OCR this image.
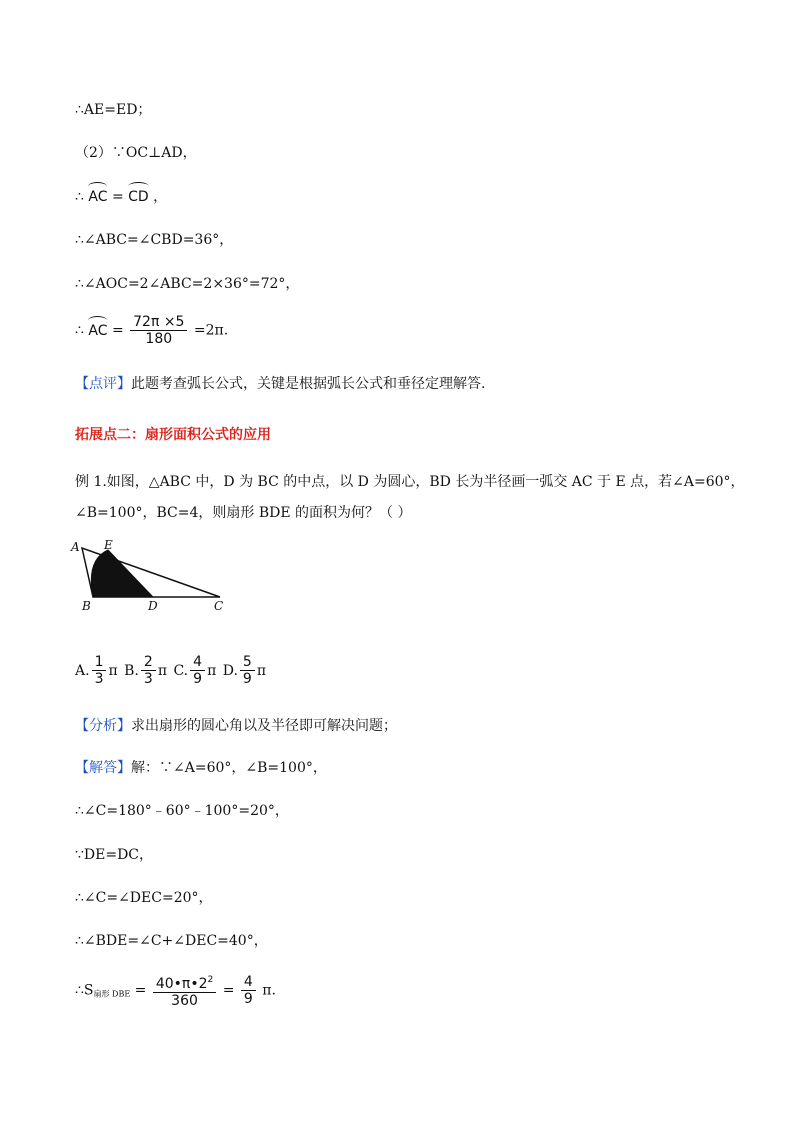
∴AE=ED；
（2）∵OC⊥AD，
∴ AC = CD ，
∴∠ABC=∠CBD=36°，
∴∠AOC=2∠ABC=2×36°=72°，
∴ AC = $\frac{72\pi \times 5}{180} =2\pi$.
【点评】此题考查弧长公式，关键是根据弧长公式和垂径定理解答.
拓展点二：扇形面积公式的应用
例 1.如图，△ABC 中，D 为 BC 的中点，以 D 为圆心，BD 长为半径画一弧交 AC 于 E 点，若∠A=60°，
∠B=100°，BC=4，则扇形 BDE 的面积为何？（ ）
A E
B	D	C
A. $\frac{1}{3}$ π
B. $\frac{2}{3}$ π
C. $\frac{4}{9}$ π
D. $\frac{5}{9}$ π
【分析】求出扇形的圆心角以及半径即可解决问题；
【解答】解：∵∠A=60°，∠B=100°，
∴∠C=180°﹣60°﹣100°=20°，
∵DE=DC，
∴∠C=∠DEC=20°，
∴∠BDE=∠C+∠DEC=40°，
$\therefore S_{扇形 DBE} = \frac{40•\pi•2^2}{360} = \frac{4}{9} \pi$.
